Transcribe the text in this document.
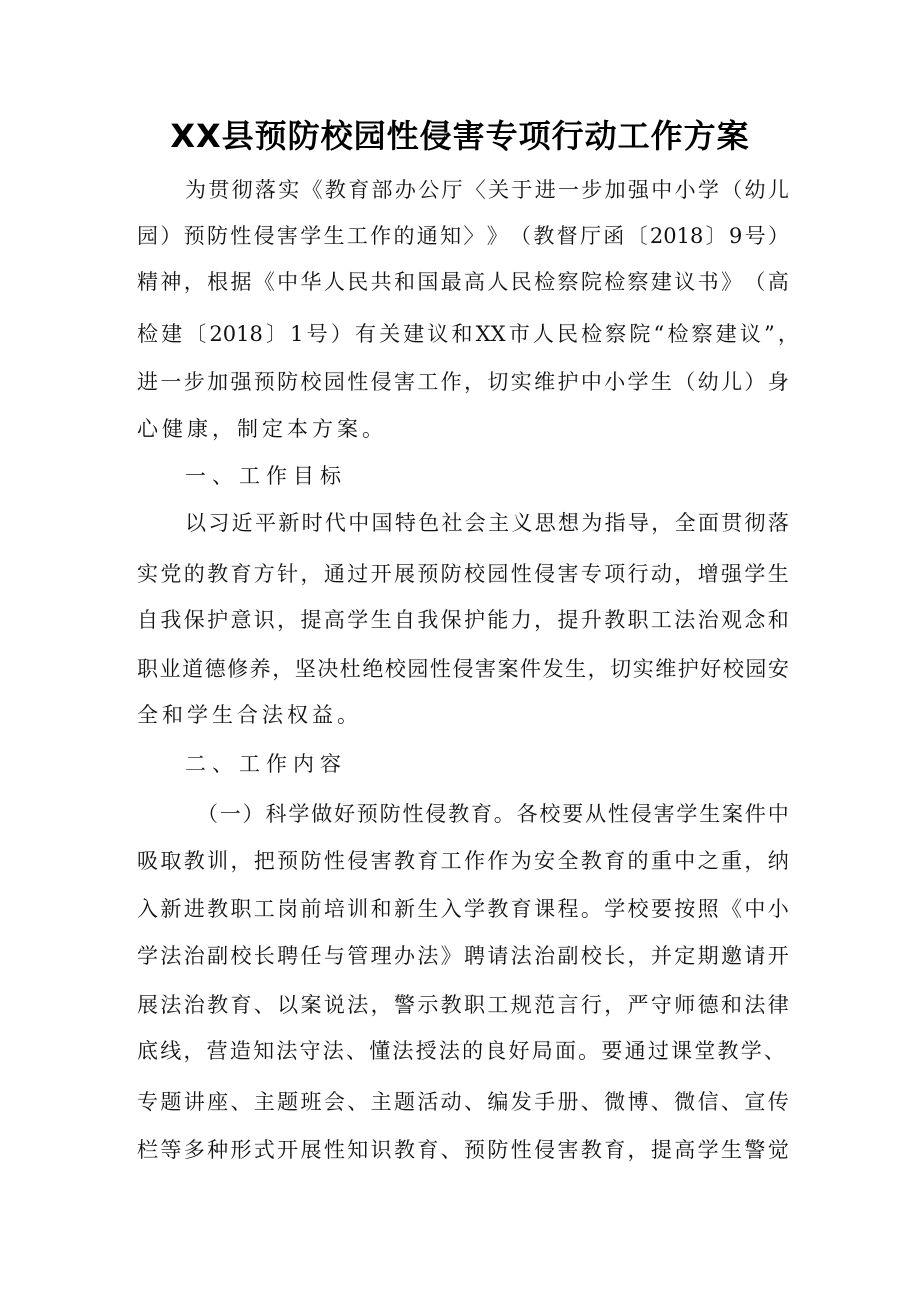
XX县预防校园性侵害专项行动工作方案
为 贯 彻 落 实 《 教 育 部 办 公 厅 〈 关 于 进 一 步 加 强 中 小 学 （ 幼 儿
园 ） 预 防 性 侵 害 学 生 工 作 的 通 知 〉 》 （ 教 督 厅 函 〔 2018 〕 9 号 ）
精 神 ， 根 据 《 中 华 人 民 共 和 国 最 高 人 民 检 察 院 检 察 建 议 书 》 （ 高
检 建 〔 2018 〕 1 号 ） 有 关 建 议 和 XX 市 人 民 检 察 院 “ 检 察 建 议 ” ，
进 一 步 加 强 预 防 校 园 性 侵 害 工 作 ， 切 实 维 护 中 小 学 生 （ 幼 儿 ） 身
心健康，制定本方案。
一、工作目标
以 习 近 平 新 时 代 中 国 特 色 社 会 主 义 思 想 为 指 导 ， 全 面 贯 彻 落
实 党 的 教 育 方 针 ， 通 过 开 展 预 防 校 园 性 侵 害 专 项 行 动 ， 增 强 学 生
自 我 保 护 意 识 ， 提 高 学 生 自 我 保 护 能 力 ， 提 升 教 职 工 法 治 观 念 和
职 业 道 德 修 养 ， 坚 决 杜 绝 校 园 性 侵 害 案 件 发 生 ， 切 实 维 护 好 校 园 安
全和学生合法权益。
二、工作内容
（ 一 ） 科 学 做 好 预 防 性 侵 教 育 。 各 校 要 从 性 侵 害 学 生 案 件 中
吸 取 教 训 ， 把 预 防 性 侵 害 教 育 工 作 作 为 安 全 教 育 的 重 中 之 重 ， 纳
入 新 进 教 职 工 岗 前 培 训 和 新 生 入 学 教 育 课 程 。 学 校 要 按 照 《 中 小
学 法 治 副 校 长 聘 任 与 管 理 办 法 》 聘 请 法 治 副 校 长 ， 并 定 期 邀 请 开
展 法 治 教 育 、 以 案 说 法 ， 警 示 教 职 工 规 范 言 行 ， 严 守 师 德 和 法 律
底 线 ， 营 造 知 法 守 法 、 懂 法 授 法 的 良 好 局 面 。 要 通 过 课 堂 教 学 、
专 题 讲 座 、 主 题 班 会 、 主 题 活 动 、 编 发 手 册 、 微 博 、 微 信 、 宣 传
栏 等 多 种 形 式 开 展 性 知 识 教 育 、 预 防 性 侵 害 教 育 ， 提 高 学 生 警 觉
